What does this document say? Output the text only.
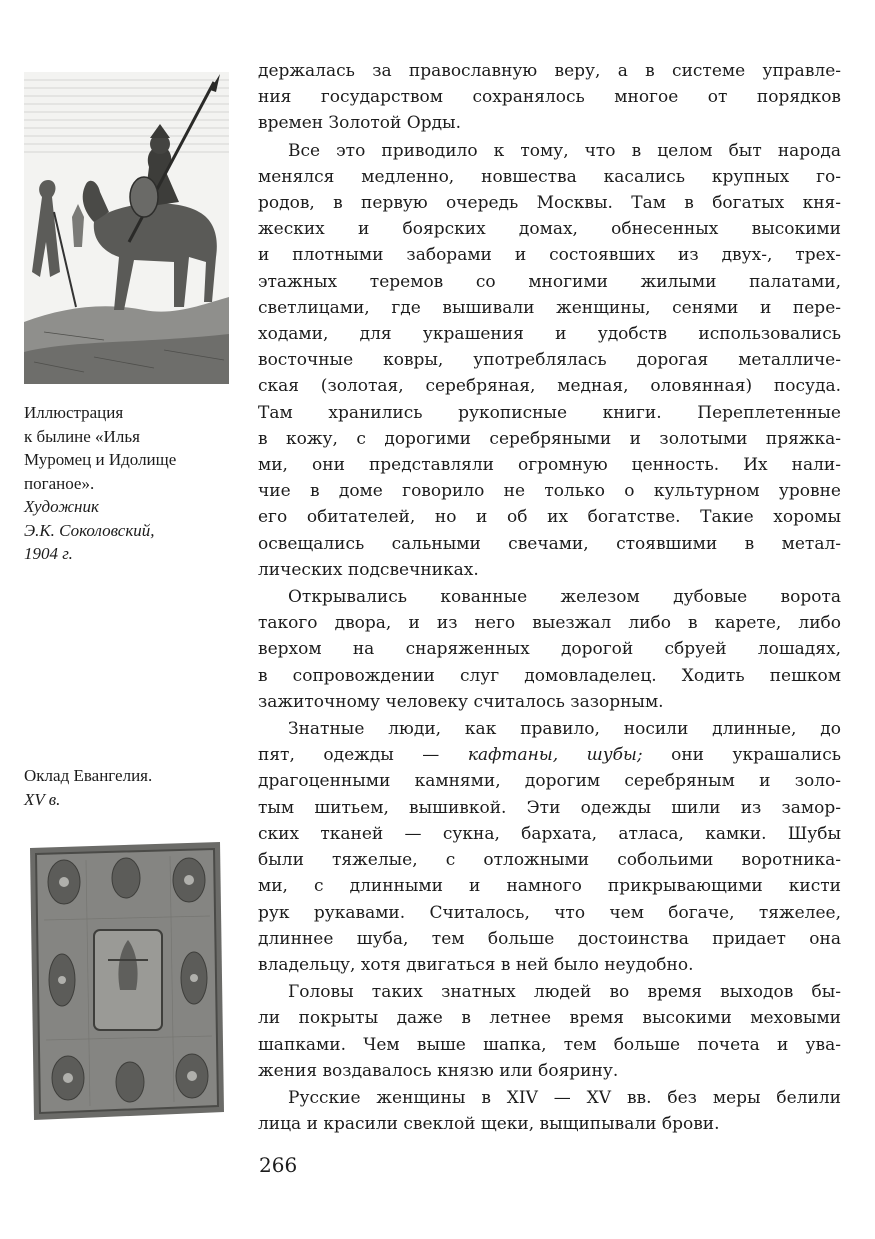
Иллюстрация
к былине «Илья
Муромец и Идолище
поганое».
Художник
Э.К. Соколовский,
1904 г.
Оклад Евангелия.
XV в.

держалась за православную веру, а в системе управле-
ния государством сохранялось многое от порядков
времен Золотой Орды.

Все это приводило к тому, что в целом быт народа
менялся медленно, новшества касались крупных го-
родов, в первую очередь Москвы. Там в богатых кня-
жеских и боярских домах, обнесенных высокими
и плотными заборами и состоявших из двух-, трех-
этажных теремов со многими жилыми палатами,
светлицами, где вышивали женщины, сенями и пере-
ходами, для украшения и удобств использовались
восточные ковры, употреблялась дорогая металличе-
ская (золотая, серебряная, медная, оловянная) посуда.
Там хранились рукописные книги. Переплетенные
в кожу, с дорогими серебряными и золотыми пряжка-
ми, они представляли огромную ценность. Их нали-
чие в доме говорило не только о культурном уровне
его обитателей, но и об их богатстве. Такие хоромы
освещались сальными свечами, стоявшими в метал-
лических подсвечниках.

Открывались кованные железом дубовые ворота
такого двора, и из него выезжал либо в карете, либо
верхом на снаряженных дорогой сбруей лошадях,
в сопровождении слуг домовладелец. Ходить пешком
зажиточному человеку считалось зазорным.

Знатные люди, как правило, носили длинные, до
пят, одежды — кафтаны, шубы; они украшались
драгоценными камнями, дорогим серебряным и золо-
тым шитьем, вышивкой. Эти одежды шили из замор-
ских тканей — сукна, бархата, атласа, камки. Шубы
были тяжелые, с отложными собольими воротника-
ми, с длинными и намного прикрывающими кисти
рук рукавами. Считалось, что чем богаче, тяжелее,
длиннее шуба, тем больше достоинства придает она
владельцу, хотя двигаться в ней было неудобно.

Головы таких знатных людей во время выходов бы-
ли покрыты даже в летнее время высокими меховыми
шапками. Чем выше шапка, тем больше почета и ува-
жения воздавалось князю или боярину.

Русские женщины в XIV — XV вв. без меры белили
лица и красили свеклой щеки, выщипывали брови.

266
